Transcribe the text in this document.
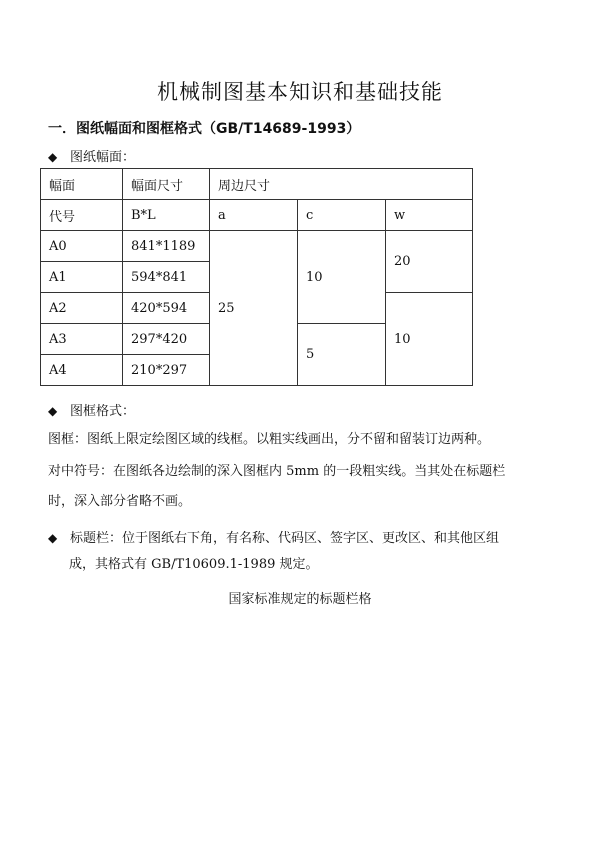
机械制图基本知识和基础技能
一．图纸幅面和图框格式（GB/T14689-1993）
◆ 图纸幅面：
幅面	幅面尺寸	周边尺寸		
代号	B*L	a	c	w
A0	841*1189	25	10	20
A1	594*841			
A2	420*594			10
A3	297*420		5	
A4	210*297			
◆ 图框格式：
图框：图纸上限定绘图区域的线框。以粗实线画出，分不留和留装订边两种。
对中符号：在图纸各边绘制的深入图框内 5mm 的一段粗实线。当其处在标题栏
时，深入部分省略不画。
◆ 标题栏：位于图纸右下角，有名称、代码区、签字区、更改区、和其他区组
成，其格式有 GB/T10609.1-1989 规定。
国家标准规定的标题栏格
